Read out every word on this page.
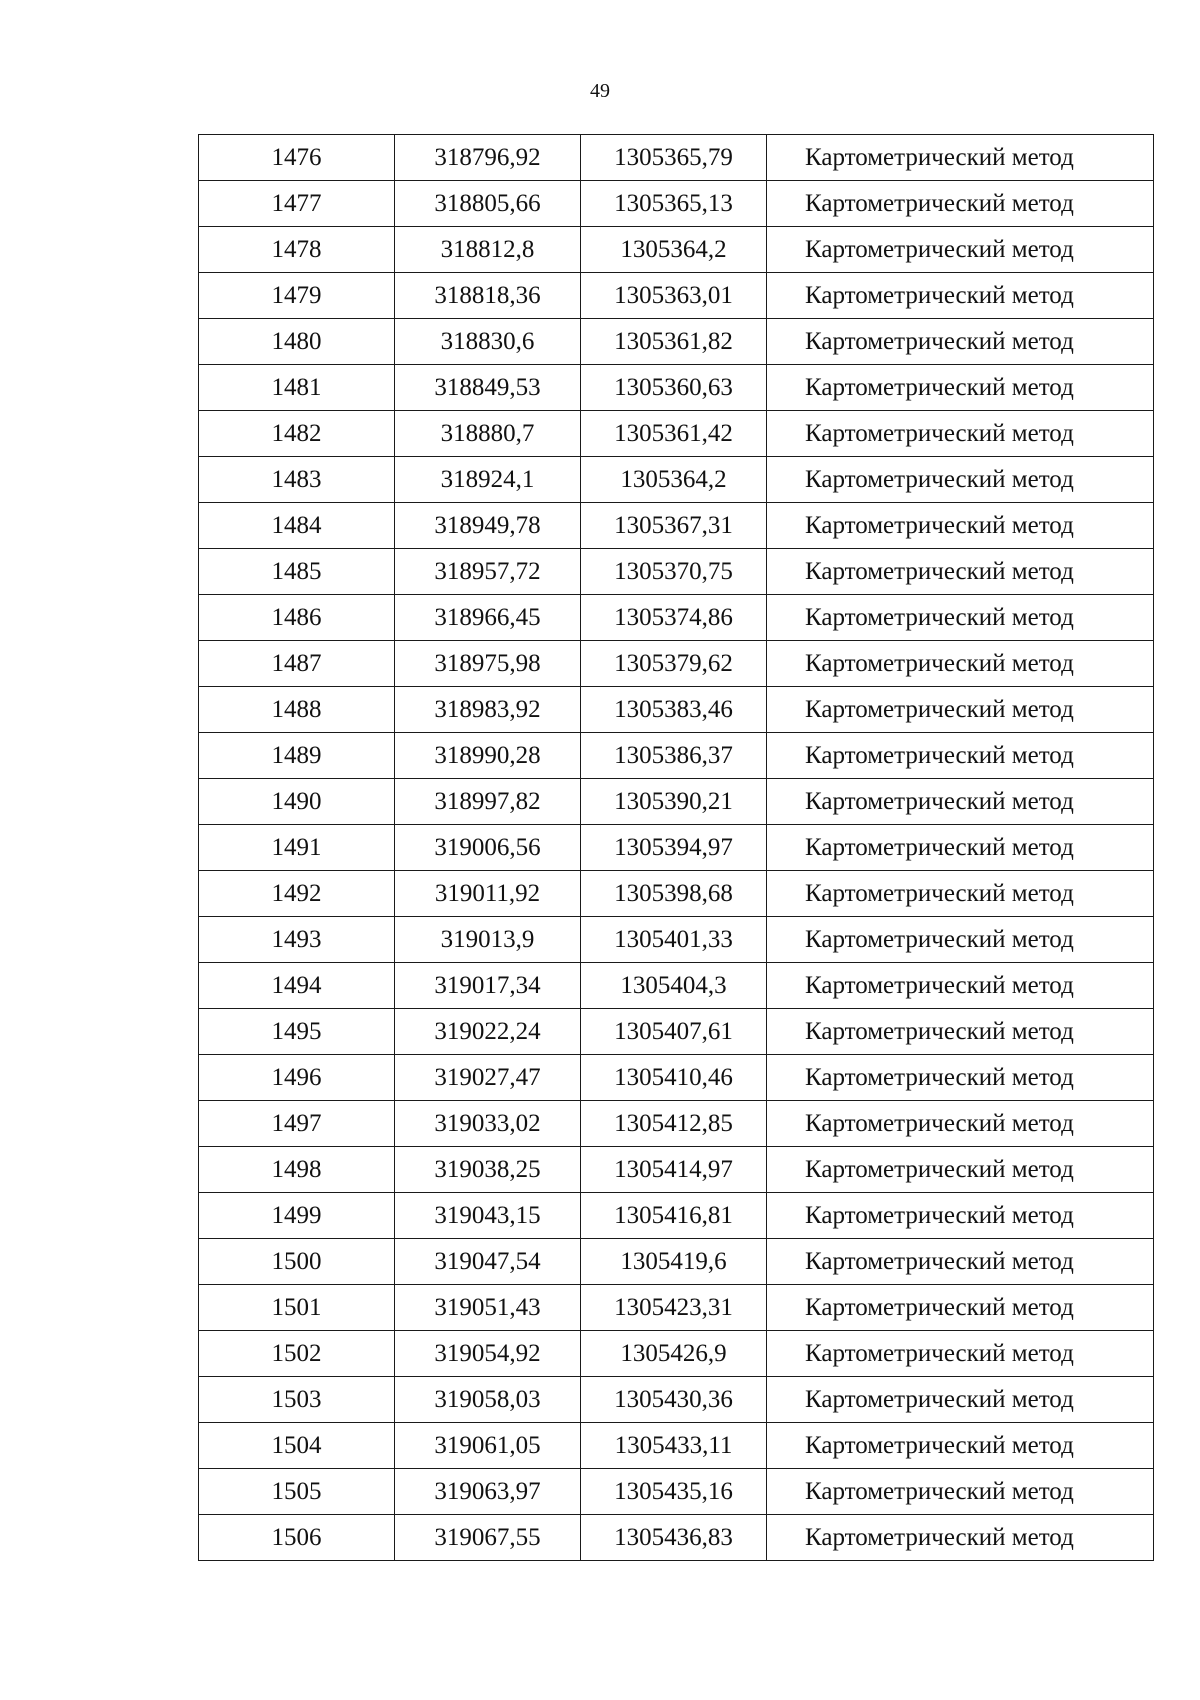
49
1476	318796,92	1305365,79	Картометрический метод
1477	318805,66	1305365,13	Картометрический метод
1478	318812,8	1305364,2	Картометрический метод
1479	318818,36	1305363,01	Картометрический метод
1480	318830,6	1305361,82	Картометрический метод
1481	318849,53	1305360,63	Картометрический метод
1482	318880,7	1305361,42	Картометрический метод
1483	318924,1	1305364,2	Картометрический метод
1484	318949,78	1305367,31	Картометрический метод
1485	318957,72	1305370,75	Картометрический метод
1486	318966,45	1305374,86	Картометрический метод
1487	318975,98	1305379,62	Картометрический метод
1488	318983,92	1305383,46	Картометрический метод
1489	318990,28	1305386,37	Картометрический метод
1490	318997,82	1305390,21	Картометрический метод
1491	319006,56	1305394,97	Картометрический метод
1492	319011,92	1305398,68	Картометрический метод
1493	319013,9	1305401,33	Картометрический метод
1494	319017,34	1305404,3	Картометрический метод
1495	319022,24	1305407,61	Картометрический метод
1496	319027,47	1305410,46	Картометрический метод
1497	319033,02	1305412,85	Картометрический метод
1498	319038,25	1305414,97	Картометрический метод
1499	319043,15	1305416,81	Картометрический метод
1500	319047,54	1305419,6	Картометрический метод
1501	319051,43	1305423,31	Картометрический метод
1502	319054,92	1305426,9	Картометрический метод
1503	319058,03	1305430,36	Картометрический метод
1504	319061,05	1305433,11	Картометрический метод
1505	319063,97	1305435,16	Картометрический метод
1506	319067,55	1305436,83	Картометрический метод
